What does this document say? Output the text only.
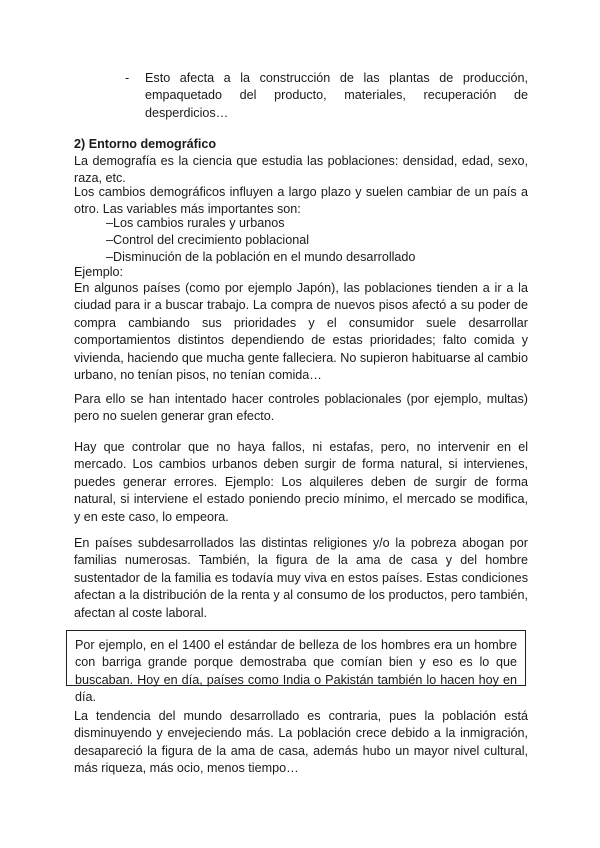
-	Esto afecta a la construcción de las plantas de producción, empaquetado del producto, materiales, recuperación de desperdicios…

2) Entorno demográfico

La demografía es la ciencia que estudia las poblaciones: densidad, edad, sexo, raza, etc.

Los cambios demográficos influyen a largo plazo y suelen cambiar de un país a otro. Las variables más importantes son:

–Los cambios rurales y urbanos

–Control del crecimiento poblacional

–Disminución de la población en el mundo desarrollado

Ejemplo:

En algunos países (como por ejemplo Japón), las poblaciones tienden a ir a la ciudad para ir a buscar trabajo. La compra de nuevos pisos afectó a su poder de compra cambiando sus prioridades y el consumidor suele desarrollar comportamientos distintos dependiendo de estas prioridades; falto comida y vivienda, haciendo que mucha gente falleciera. No supieron habituarse al cambio urbano, no tenían pisos, no tenían comida…

Para ello se han intentado hacer controles poblacionales (por ejemplo, multas) pero no suelen generar gran efecto.

Hay que controlar que no haya fallos, ni estafas, pero, no intervenir en el mercado. Los cambios urbanos deben surgir de forma natural, si intervienes, puedes generar errores. Ejemplo: Los alquileres deben de surgir de forma natural, si interviene el estado poniendo precio mínimo, el mercado se modifica, y en este caso, lo empeora.

En países subdesarrollados las distintas religiones y/o la pobreza abogan por familias numerosas. También, la figura de la ama de casa y del hombre sustentador de la familia es todavía muy viva en estos países. Estas condiciones afectan a la distribución de la renta y al consumo de los productos, pero también, afectan al coste laboral.

Por ejemplo, en el 1400 el estándar de belleza de los hombres era un hombre con barriga grande porque demostraba que comían bien y eso es lo que buscaban. Hoy en día, países como India o Pakistán también lo hacen hoy en día.

La tendencia del mundo desarrollado es contraria, pues la población está disminuyendo y envejeciendo más. La población crece debido a la inmigración, desapareció la figura de la ama de casa, además hubo un mayor nivel cultural, más riqueza, más ocio, menos tiempo…
